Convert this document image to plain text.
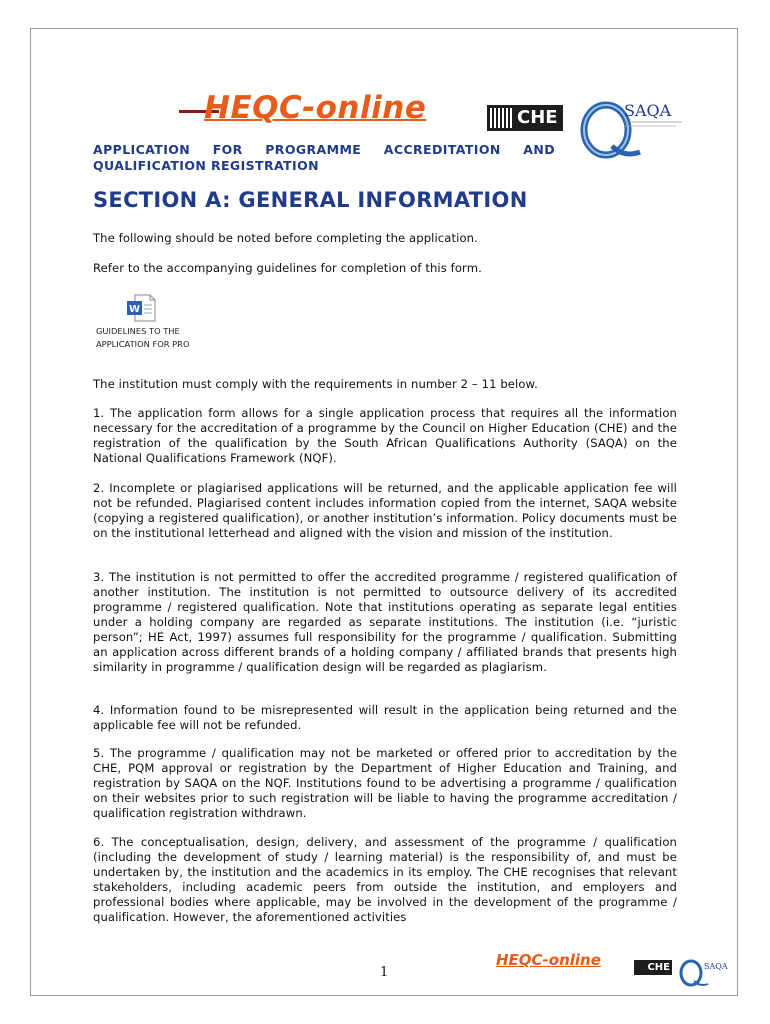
HEQC-online	CHE	SAQA
APPLICATION FOR PROGRAMME ACCREDITATION AND
QUALIFICATION REGISTRATION
SECTION A: GENERAL INFORMATION

The following should be noted before completing the application.

Refer to the accompanying guidelines for completion of this form.

W
GUIDELINES TO THE
APPLICATION FOR PRO

The institution must comply with the requirements in number 2 – 11 below.

1. The application form allows for a single application process that requires all the information necessary for the accreditation of a programme by the Council on Higher Education (CHE) and the registration of the qualification by the South African Qualifications Authority (SAQA) on the National Qualifications Framework (NQF).

2. Incomplete or plagiarised applications will be returned, and the applicable application fee will not be refunded. Plagiarised content includes information copied from the internet, SAQA website (copying a registered qualification), or another institution’s information. Policy documents must be on the institutional letterhead and aligned with the vision and mission of the institution.

3. The institution is not permitted to offer the accredited programme / registered qualification of another institution. The institution is not permitted to outsource delivery of its accredited programme / registered qualification. Note that institutions operating as separate legal entities under a holding company are regarded as separate institutions. The institution (i.e. “juristic person”; HE Act, 1997) assumes full responsibility for the programme / qualification. Submitting an application across different brands of a holding company / affiliated brands that presents high similarity in programme / qualification design will be regarded as plagiarism.

4. Information found to be misrepresented will result in the application being returned and the applicable fee will not be refunded.

5. The programme / qualification may not be marketed or offered prior to accreditation by the CHE, PQM approval or registration by the Department of Higher Education and Training, and registration by SAQA on the NQF. Institutions found to be advertising a programme / qualification on their websites prior to such registration will be liable to having the programme accreditation / qualification registration withdrawn.

6. The conceptualisation, design, delivery, and assessment of the programme / qualification (including the development of study / learning material) is the responsibility of, and must be undertaken by, the institution and the academics in its employ. The CHE recognises that relevant stakeholders, including academic peers from outside the institution, and employers and professional bodies where applicable, may be involved in the development of the programme / qualification. However, the aforementioned activities

1
HEQC-online	CHE	SAQA
